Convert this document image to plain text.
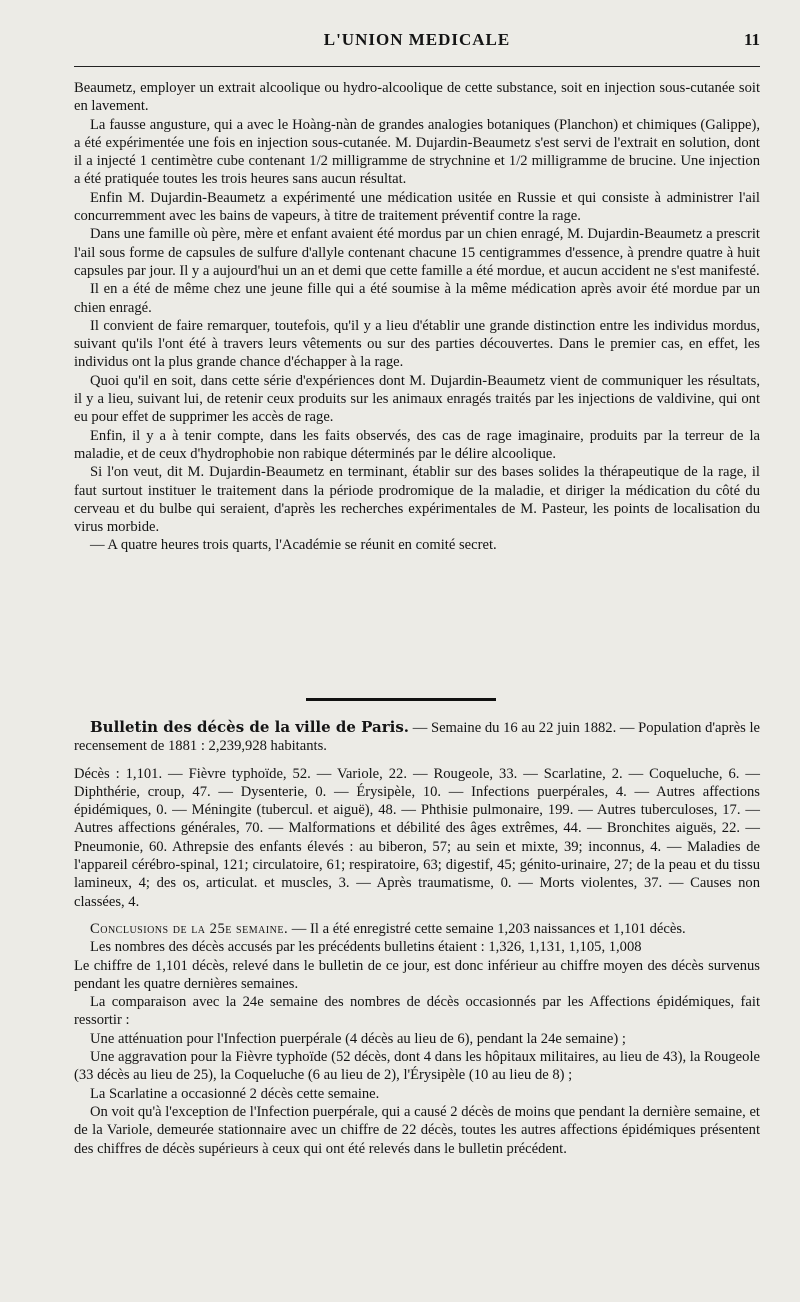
L'UNION MEDICALE	11

Beaumetz, employer un extrait alcoolique ou hydro-alcoolique de cette substance, soit en injection sous-cutanée soit en lavement.

La fausse angusture, qui a avec le Hoàng-nàn de grandes analogies botaniques (Planchon) et chimiques (Galippe), a été expérimentée une fois en injection sous-cutanée. M. Dujardin-Beaumetz s'est servi de l'extrait en solution, dont il a injecté 1 centimètre cube contenant 1/2 milligramme de strychnine et 1/2 milligramme de brucine. Une injection a été pratiquée toutes les trois heures sans aucun résultat.

Enfin M. Dujardin-Beaumetz a expérimenté une médication usitée en Russie et qui consiste à administrer l'ail concurremment avec les bains de vapeurs, à titre de traitement préventif contre la rage.

Dans une famille où père, mère et enfant avaient été mordus par un chien enragé, M. Dujardin-Beaumetz a prescrit l'ail sous forme de capsules de sulfure d'allyle contenant chacune 15 centigrammes d'essence, à prendre quatre à huit capsules par jour. Il y a aujourd'hui un an et demi que cette famille a été mordue, et aucun accident ne s'est manifesté.

Il en a été de même chez une jeune fille qui a été soumise à la même médication après avoir été mordue par un chien enragé.

Il convient de faire remarquer, toutefois, qu'il y a lieu d'établir une grande distinction entre les individus mordus, suivant qu'ils l'ont été à travers leurs vêtements ou sur des parties découvertes. Dans le premier cas, en effet, les individus ont la plus grande chance d'échapper à la rage.

Quoi qu'il en soit, dans cette série d'expériences dont M. Dujardin-Beaumetz vient de communiquer les résultats, il y a lieu, suivant lui, de retenir ceux produits sur les animaux enragés traités par les injections de valdivine, qui ont eu pour effet de supprimer les accès de rage.

Enfin, il y a à tenir compte, dans les faits observés, des cas de rage imaginaire, produits par la terreur de la maladie, et de ceux d'hydrophobie non rabique déterminés par le délire alcoolique.

Si l'on veut, dit M. Dujardin-Beaumetz en terminant, établir sur des bases solides la thérapeutique de la rage, il faut surtout instituer le traitement dans la période prodromique de la maladie, et diriger la médication du côté du cerveau et du bulbe qui seraient, d'après les recherches expérimentales de M. Pasteur, les points de localisation du virus morbide.

— A quatre heures trois quarts, l'Académie se réunit en comité secret.

Bulletin des décès de la ville de Paris. — Semaine du 16 au 22 juin 1882. — Population d'après le recensement de 1881 : 2,239,928 habitants.

Décès : 1,101. — Fièvre typhoïde, 52. — Variole, 22. — Rougeole, 33. — Scarlatine, 2. — Coqueluche, 6. — Diphthérie, croup, 47. — Dysenterie, 0. — Érysipèle, 10. — Infections puerpérales, 4. — Autres affections épidémiques, 0. — Méningite (tubercul. et aiguë), 48. — Phthisie pulmonaire, 199. — Autres tuberculoses, 17. — Autres affections générales, 70. — Malformations et débilité des âges extrêmes, 44. — Bronchites aiguës, 22. — Pneumonie, 60. Athrepsie des enfants élevés : au biberon, 57; au sein et mixte, 39; inconnus, 4. — Maladies de l'appareil cérébro-spinal, 121; circulatoire, 61; respiratoire, 63; digestif, 45; génito-urinaire, 27; de la peau et du tissu lamineux, 4; des os, articulat. et muscles, 3. — Après traumatisme, 0. — Morts violentes, 37. — Causes non classées, 4.

Conclusions de la 25e semaine. — Il a été enregistré cette semaine 1,203 naissances et 1,101 décès.

Les nombres des décès accusés par les précédents bulletins étaient : 1,326, 1,131, 1,105, 1,008

Le chiffre de 1,101 décès, relevé dans le bulletin de ce jour, est donc inférieur au chiffre moyen des décès survenus pendant les quatre dernières semaines.

La comparaison avec la 24e semaine des nombres de décès occasionnés par les Affections épidémiques, fait ressortir :

Une atténuation pour l'Infection puerpérale (4 décès au lieu de 6), pendant la 24e semaine) ;

Une aggravation pour la Fièvre typhoïde (52 décès, dont 4 dans les hôpitaux militaires, au lieu de 43), la Rougeole (33 décès au lieu de 25), la Coqueluche (6 au lieu de 2), l'Érysipèle (10 au lieu de 8) ;

La Scarlatine a occasionné 2 décès cette semaine.

On voit qu'à l'exception de l'Infection puerpérale, qui a causé 2 décès de moins que pendant la dernière semaine, et de la Variole, demeurée stationnaire avec un chiffre de 22 décès, toutes les autres affections épidémiques présentent des chiffres de décès supérieurs à ceux qui ont été relevés dans le bulletin précédent.
